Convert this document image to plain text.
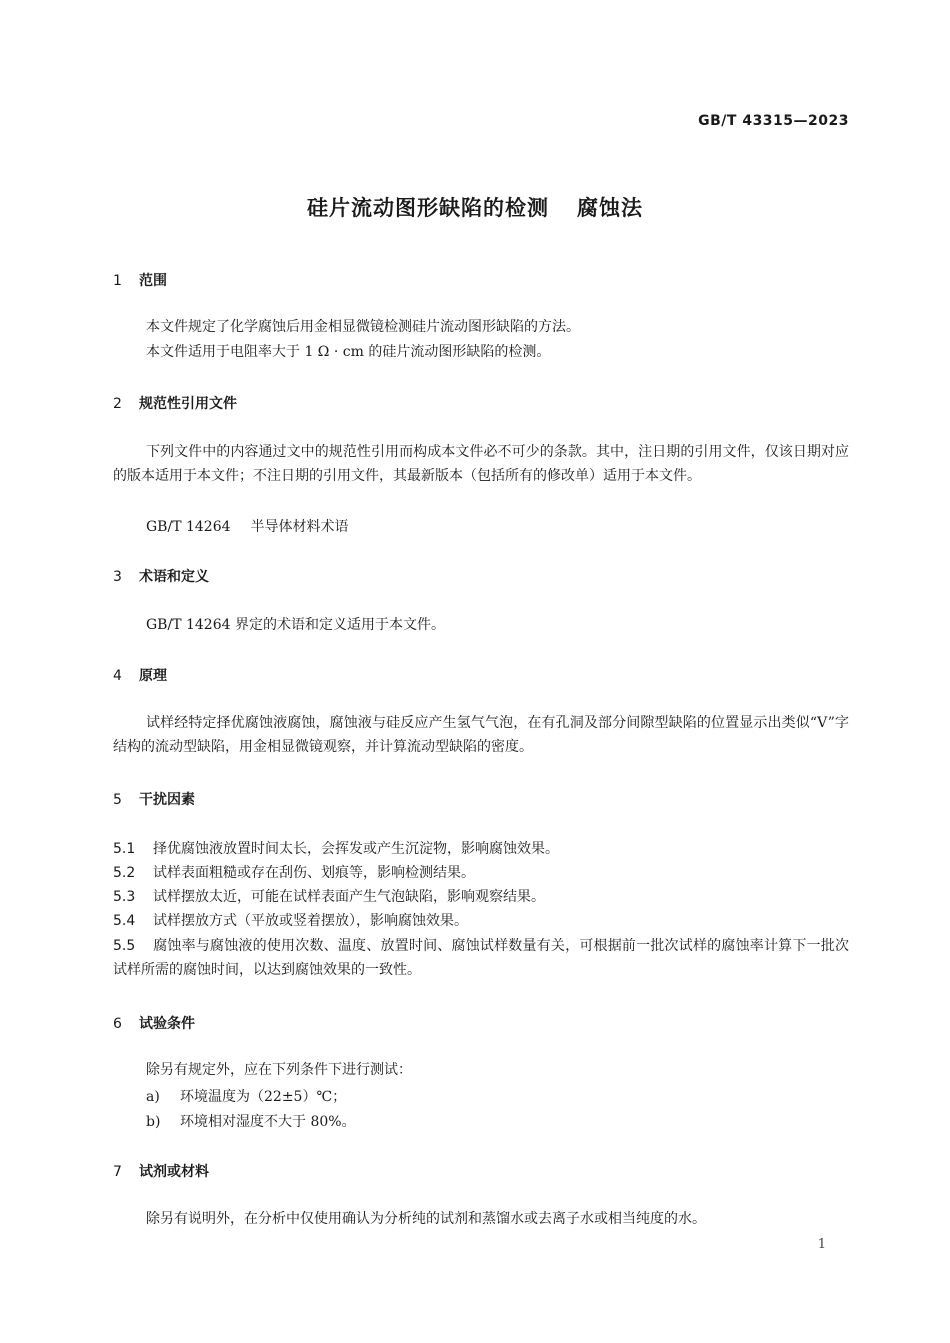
GB/T 43315—2023
硅片流动图形缺陷的检测 腐蚀法
1 范围
本文件规定了化学腐蚀后用金相显微镜检测硅片流动图形缺陷的方法。
本文件适用于电阻率大于 1 Ω · cm 的硅片流动图形缺陷的检测。
2 规范性引用文件
下列文件中的内容通过文中的规范性引用而构成本文件必不可少的条款。其中，注日期的引用文件，仅该日期对应的版本适用于本文件；不注日期的引用文件，其最新版本（包括所有的修改单）适用于本文件。
GB/T 14264 半导体材料术语
3 术语和定义
GB/T 14264 界定的术语和定义适用于本文件。
4 原理
试样经特定择优腐蚀液腐蚀，腐蚀液与硅反应产生氢气气泡，在有孔洞及部分间隙型缺陷的位置显示出类似“V”字结构的流动型缺陷，用金相显微镜观察，并计算流动型缺陷的密度。
5 干扰因素
5.1 择优腐蚀液放置时间太长，会挥发或产生沉淀物，影响腐蚀效果。
5.2 试样表面粗糙或存在刮伤、划痕等，影响检测结果。
5.3 试样摆放太近，可能在试样表面产生气泡缺陷，影响观察结果。
5.4 试样摆放方式（平放或竖着摆放），影响腐蚀效果。
5.5 腐蚀率与腐蚀液的使用次数、温度、放置时间、腐蚀试样数量有关，可根据前一批次试样的腐蚀率计算下一批次试样所需的腐蚀时间，以达到腐蚀效果的一致性。
6 试验条件
除另有规定外，应在下列条件下进行测试：
a) 环境温度为（22±5）℃；
b) 环境相对湿度不大于 80%。
7 试剂或材料
除另有说明外，在分析中仅使用确认为分析纯的试剂和蒸馏水或去离子水或相当纯度的水。
1
